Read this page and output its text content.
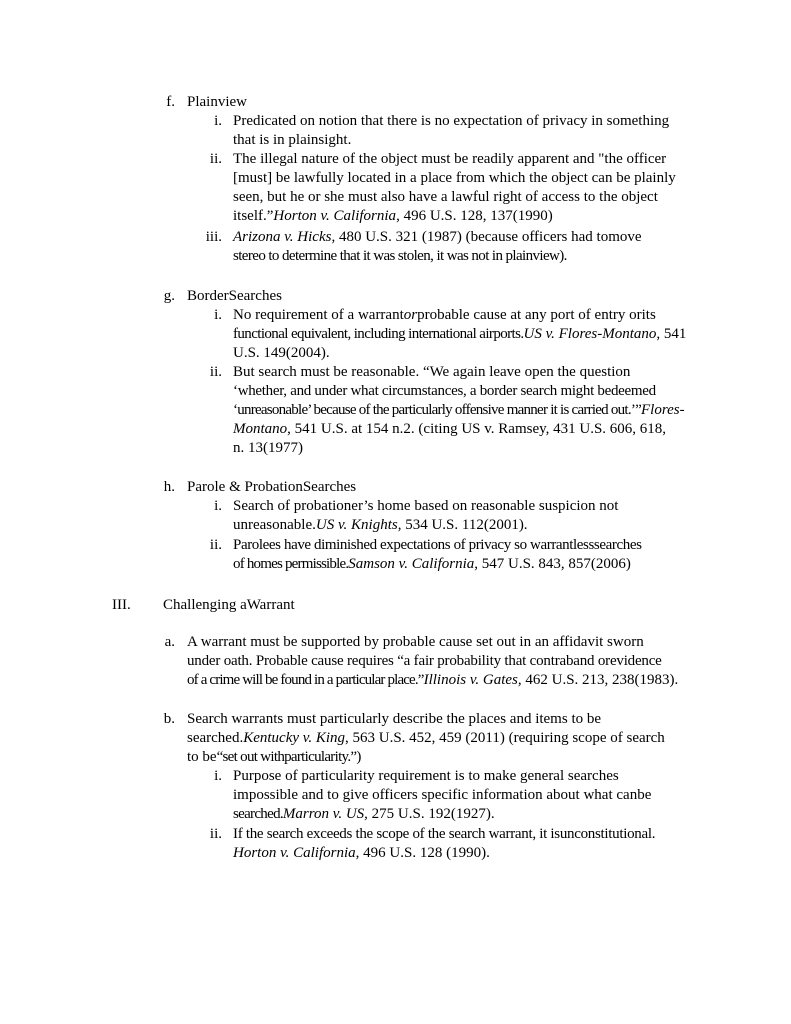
f. Plainview
i. Predicated on notion that there is no expectation of privacy in something
that is in plainsight.
ii. The illegal nature of the object must be readily apparent and "the officer
[must] be lawfully located in a place from which the object can be plainly
seen, but he or she must also have a lawful right of access to the object
itself.”Horton v. California, 496 U.S. 128, 137(1990)
iii. Arizona v. Hicks, 480 U.S. 321 (1987) (because officers had tomove
stereo to determine that it was stolen, it was not in plainview).
g. BorderSearches
i. No requirement of a warrantorprobable cause at any port of entry orits
functional equivalent, including international airports.US v. Flores-Montano, 541
U.S. 149(2004).
ii. But search must be reasonable. “We again leave open the question
‘whether, and under what circumstances, a border search might bedeemed
‘unreasonable’ because of the particularly offensive manner it is carried out.’”Flores-
Montano, 541 U.S. at 154 n.2. (citing US v. Ramsey, 431 U.S. 606, 618,
n. 13(1977)
h. Parole & ProbationSearches
i. Search of probationer’s home based on reasonable suspicion not
unreasonable.US v. Knights, 534 U.S. 112(2001).
ii. Parolees have diminished expectations of privacy so warrantlesssearches
of homes permissible.Samson v. California, 547 U.S. 843, 857(2006)
III.	Challenging aWarrant
a. A warrant must be supported by probable cause set out in an affidavit sworn
under oath. Probable cause requires “a fair probability that contraband orevidence
of a crime will be found in a particular place.”Illinois v. Gates, 462 U.S. 213, 238(1983).
b. Search warrants must particularly describe the places and items to be
searched.Kentucky v. King, 563 U.S. 452, 459 (2011) (requiring scope of search
to be“set out withparticularity.”)
i. Purpose of particularity requirement is to make general searches
impossible and to give officers specific information about what canbe
searched.Marron v. US, 275 U.S. 192(1927).
ii. If the search exceeds the scope of the search warrant, it isunconstitutional.
Horton v. California, 496 U.S. 128 (1990).
